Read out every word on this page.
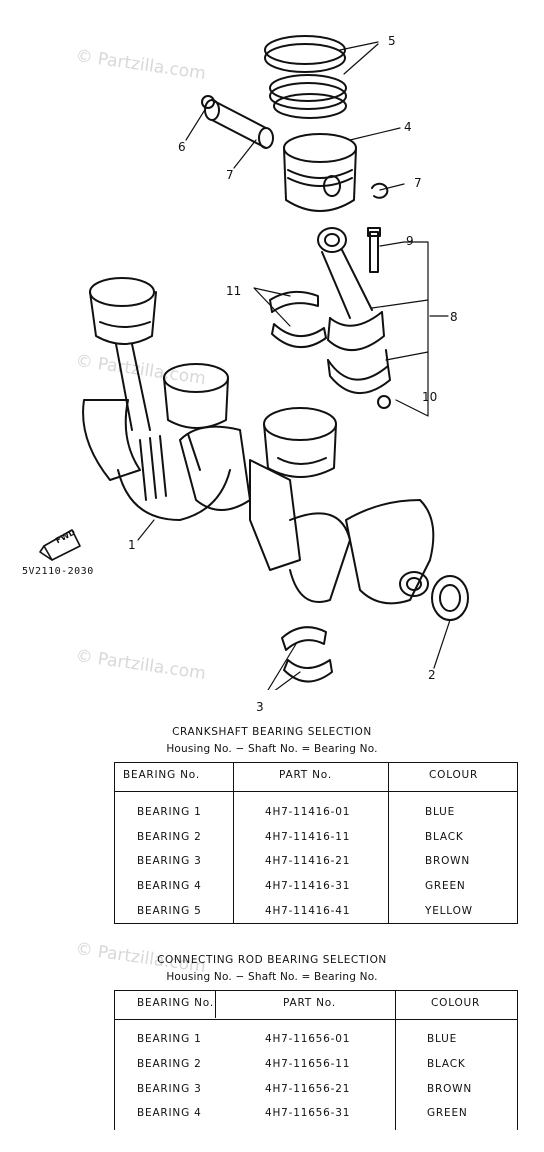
© Partzilla.com
© Partzilla.com
© Partzilla.com
© Partzilla.com
5
4
6
7
7
9
11
8
10
1
2
3
5V2110-2030
FWD
CRANKSHAFT BEARING SELECTION
Housing No. − Shaft No. = Bearing No.
BEARING No.	PART No.	COLOUR
BEARING 1	4H7-11416-01	BLUE
BEARING 2	4H7-11416-11	BLACK
BEARING 3	4H7-11416-21	BROWN
BEARING 4	4H7-11416-31	GREEN
BEARING 5	4H7-11416-41	YELLOW
CONNECTING ROD BEARING SELECTION
Housing No. − Shaft No. = Bearing No.
BEARING No.	PART No.	COLOUR
BEARING 1	4H7-11656-01	BLUE
BEARING 2	4H7-11656-11	BLACK
BEARING 3	4H7-11656-21	BROWN
BEARING 4	4H7-11656-31	GREEN
